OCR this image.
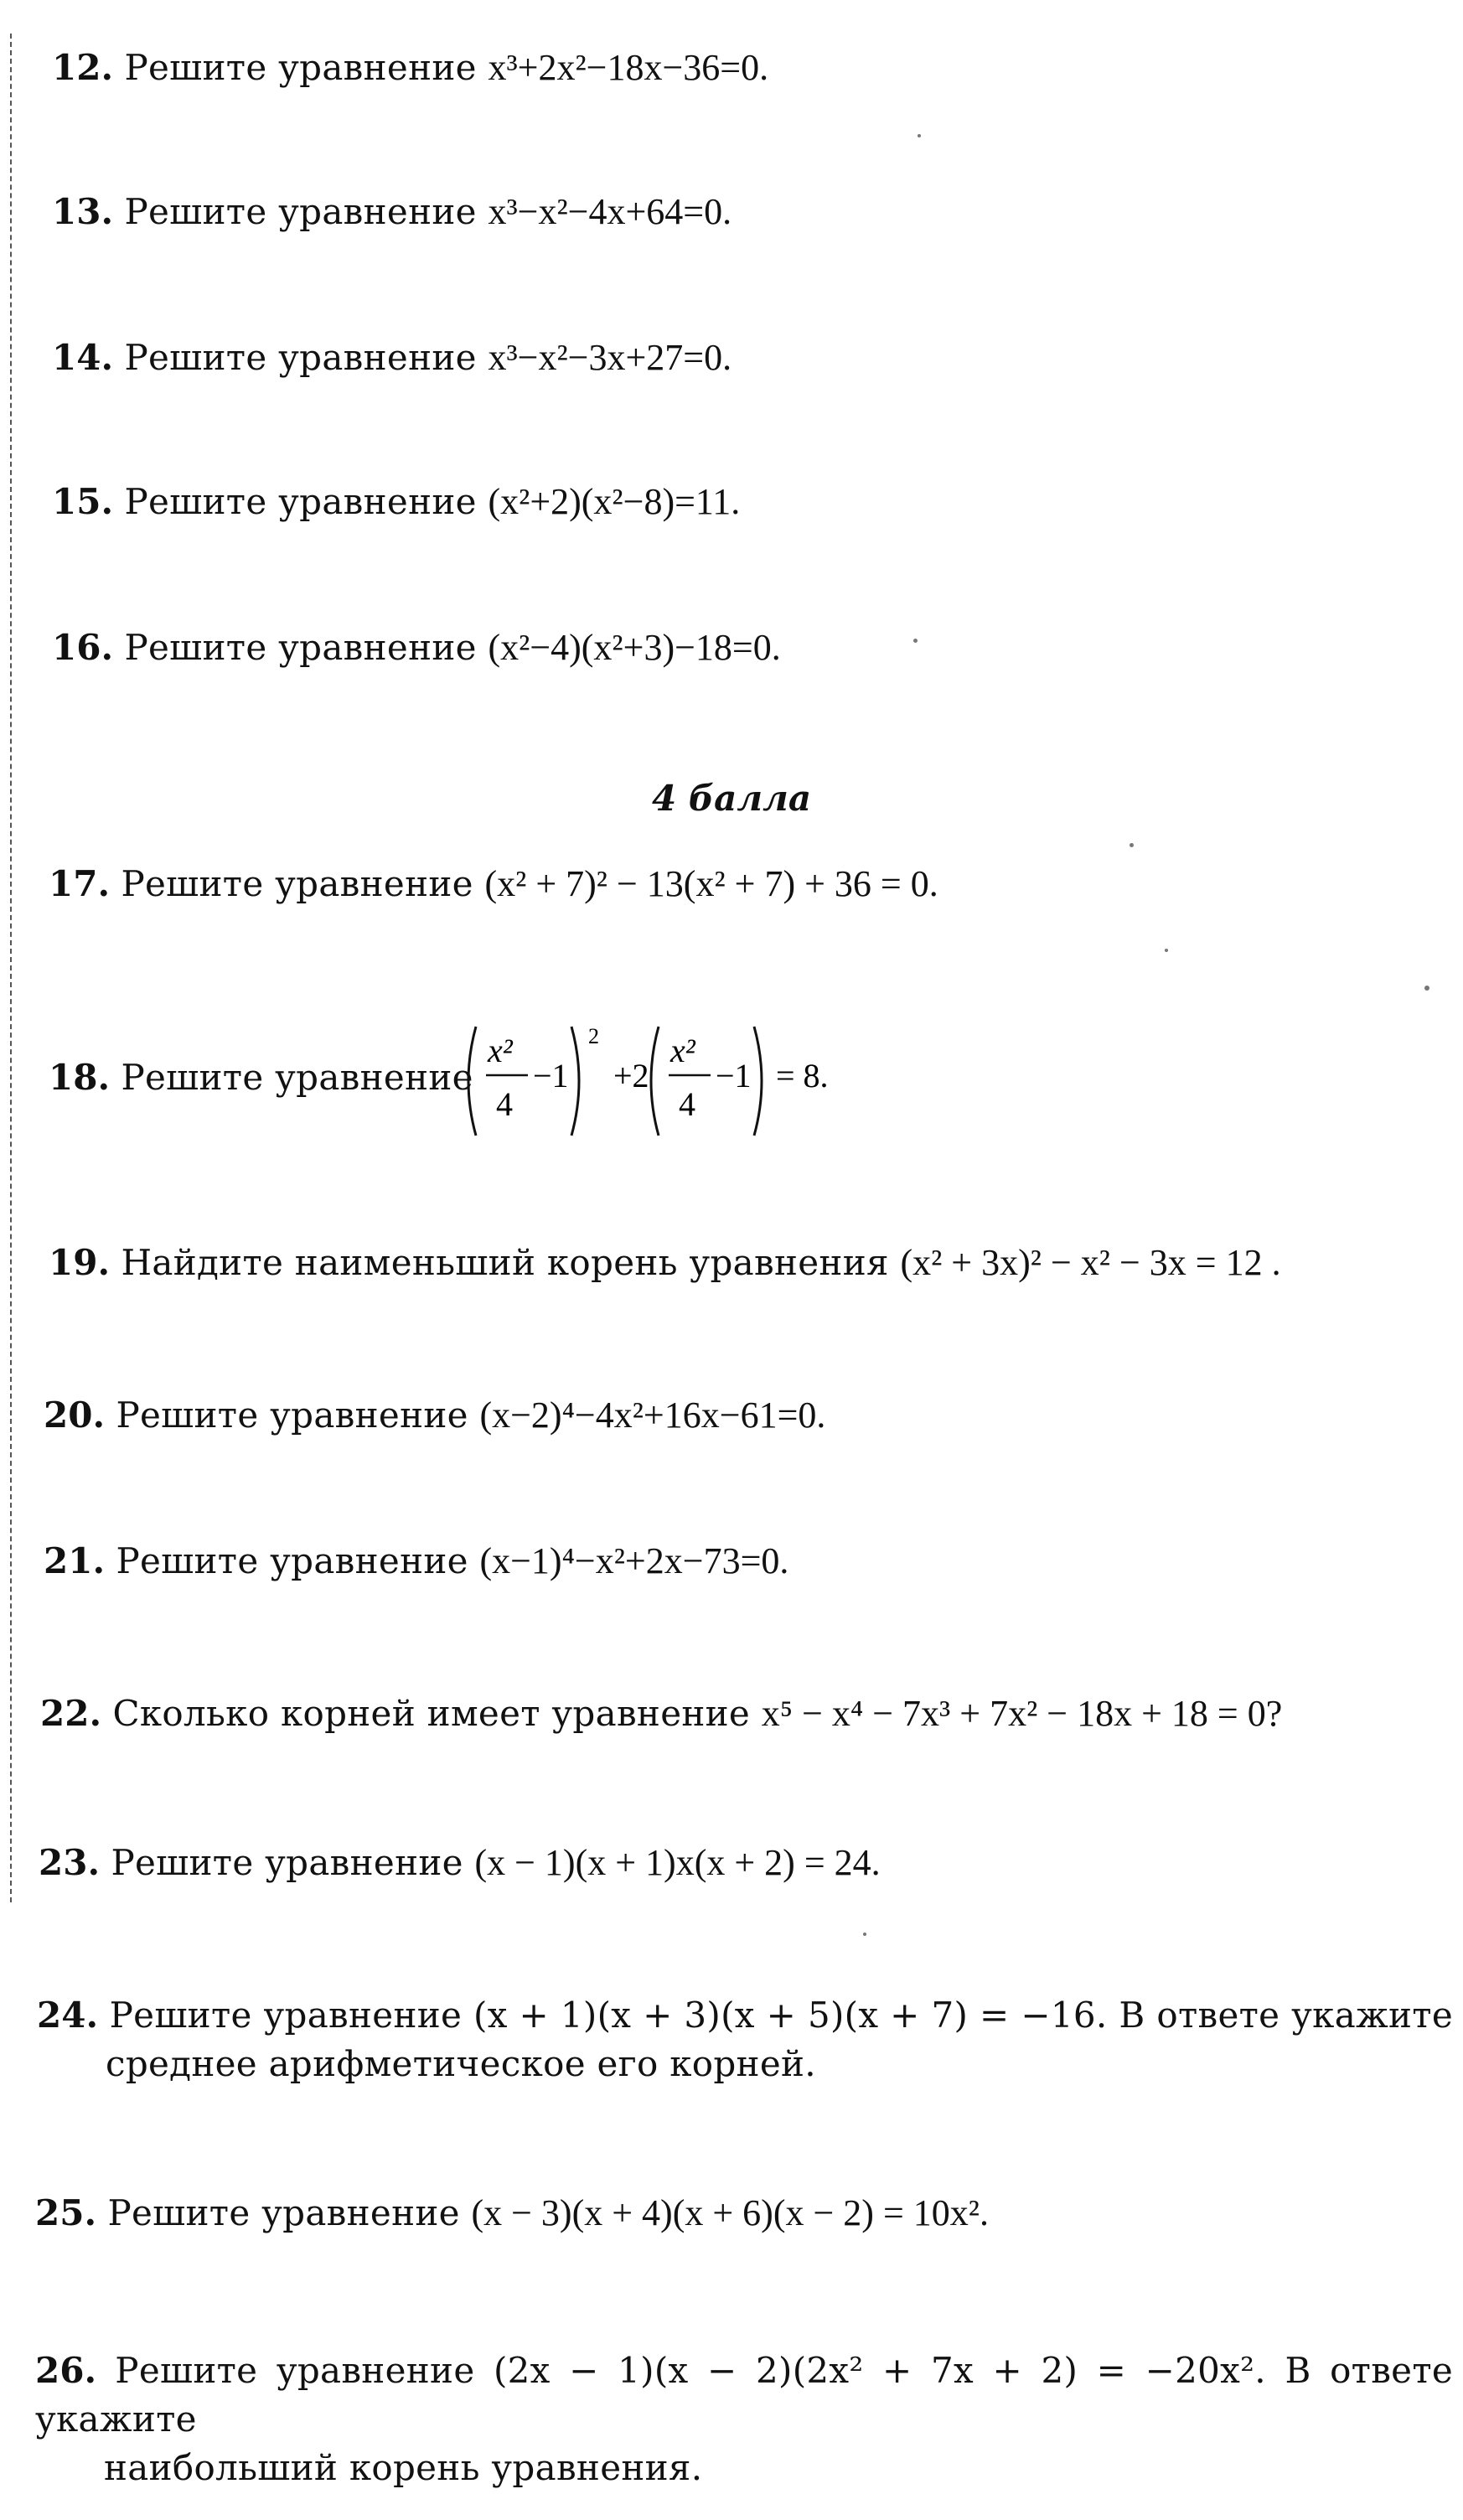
12. Решите уравнение x³+2x²−18x−36=0.
13. Решите уравнение x³−x²−4x+64=0.
14. Решите уравнение x³−x²−3x+27=0.
15. Решите уравнение (x²+2)(x²−8)=11.
16. Решите уравнение (x²−4)(x²+3)−18=0.
4 балла
17. Решите уравнение (x² + 7)² − 13(x² + 7) + 36 = 0.
18. Решите уравнение
x²
4
−1
2
+2
x²
4
−1 = 8.
19. Найдите наименьший корень уравнения (x² + 3x)² − x² − 3x = 12 .
20. Решите уравнение (x−2)⁴−4x²+16x−61=0.
21. Решите уравнение (x−1)⁴−x²+2x−73=0.
22. Сколько корней имеет уравнение x⁵ − x⁴ − 7x³ + 7x² − 18x + 18 = 0?
23. Решите уравнение (x − 1)(x + 1)x(x + 2) = 24.
24. Решите уравнение (x + 1)(x + 3)(x + 5)(x + 7) = −16. В ответе укажите
среднее арифметическое его корней.
25. Решите уравнение (x − 3)(x + 4)(x + 6)(x − 2) = 10x².
26. Решите уравнение (2x − 1)(x − 2)(2x² + 7x + 2) = −20x². В ответе укажите
наибольший корень уравнения.
